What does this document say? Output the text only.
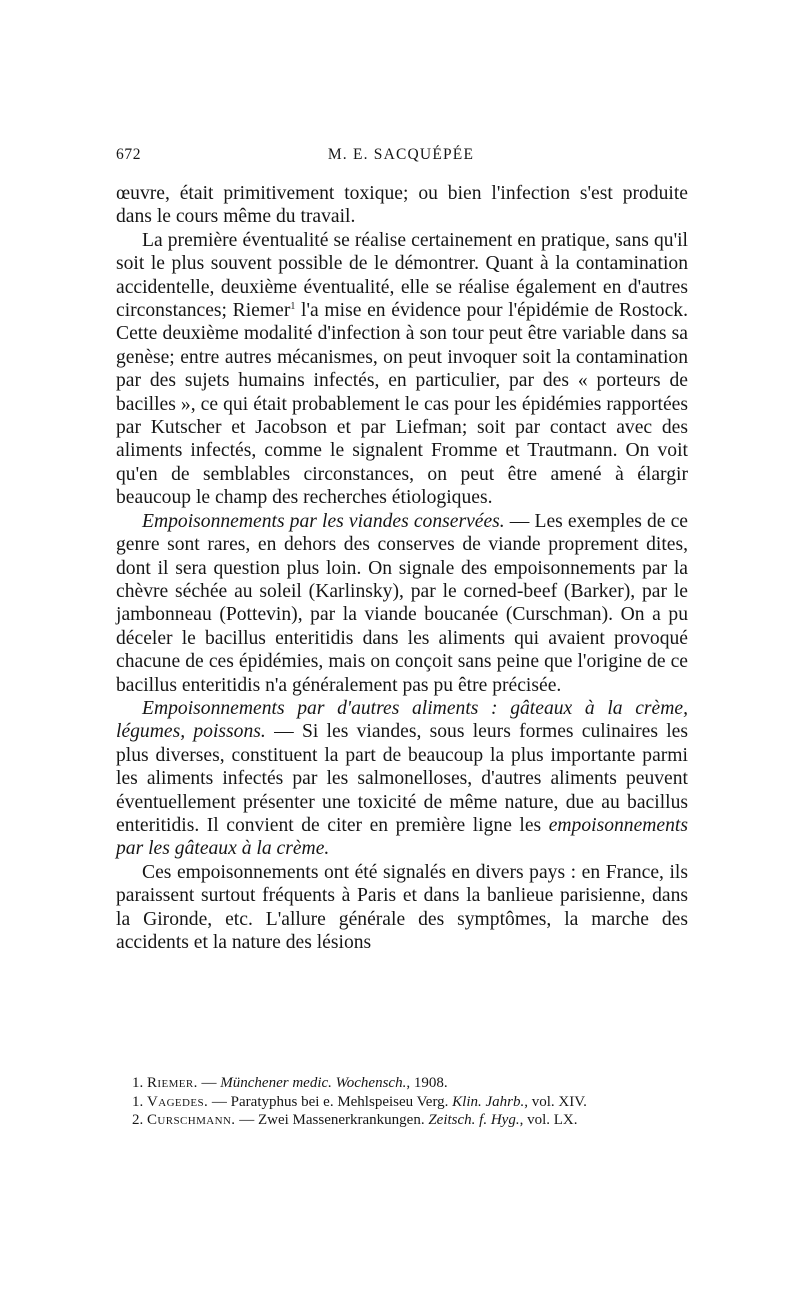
672	M. E. SACQUÉPÉE

œuvre, était primitivement toxique; ou bien l'infection s'est produite dans le cours même du travail.

La première éventualité se réalise certainement en pratique, sans qu'il soit le plus souvent possible de le démontrer. Quant à la contamination accidentelle, deuxième éventualité, elle se réalise également en d'autres circonstances; Riemer$^1$ l'a mise en évidence pour l'épidémie de Rostock. Cette deuxième modalité d'infection à son tour peut être variable dans sa genèse; entre autres mécanismes, on peut invoquer soit la contamination par des sujets humains infectés, en particulier, par des « porteurs de bacilles », ce qui était probablement le cas pour les épidémies rapportées par Kutscher et Jacobson et par Liefman; soit par contact avec des aliments infectés, comme le signalent Fromme et Trautmann. On voit qu'en de semblables circonstances, on peut être amené à élargir beaucoup le champ des recherches étiologiques.

Empoisonnements par les viandes conservées. — Les exemples de ce genre sont rares, en dehors des conserves de viande proprement dites, dont il sera question plus loin. On signale des empoisonnements par la chèvre séchée au soleil (Karlinsky), par le corned-beef (Barker), par le jambonneau (Pottevin), par la viande boucanée (Curschman). On a pu déceler le bacillus enteritidis dans les aliments qui avaient provoqué chacune de ces épidémies, mais on conçoit sans peine que l'origine de ce bacillus enteritidis n'a généralement pas pu être précisée.

Empoisonnements par d'autres aliments : gâteaux à la crème, légumes, poissons. — Si les viandes, sous leurs formes culinaires les plus diverses, constituent la part de beaucoup la plus importante parmi les aliments infectés par les salmonelloses, d'autres aliments peuvent éventuellement présenter une toxicité de même nature, due au bacillus enteritidis. Il convient de citer en première ligne les empoisonnements par les gâteaux à la crème.

Ces empoisonnements ont été signalés en divers pays : en France, ils paraissent surtout fréquents à Paris et dans la banlieue parisienne, dans la Gironde, etc. L'allure générale des symptômes, la marche des accidents et la nature des lésions

1. Riemer. — Münchener medic. Wochensch., 1908.

1. Vagedes. — Paratyphus bei e. Mehlspeiseu Verg. Klin. Jahrb., vol. XIV.

2. Curschmann. — Zwei Massenerkrankungen. Zeitsch. f. Hyg., vol. LX.
